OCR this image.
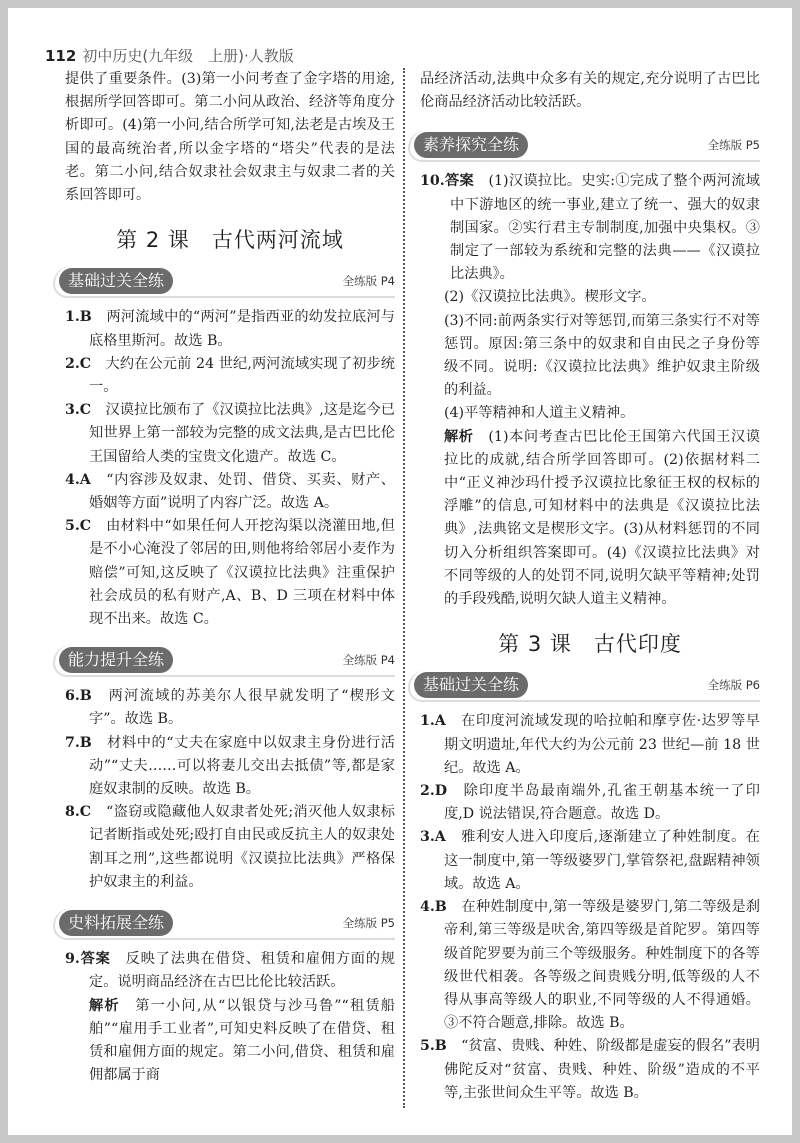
112 初中历史(九年级　上册)·人教版

提供了重要条件。(3)第一小问考查了金字塔的用途,根据所学回答即可。第二小问从政治、经济等角度分析即可。(4)第一小问,结合所学可知,法老是古埃及王国的最高统治者,所以金字塔的“塔尖”代表的是法老。第二小问,结合奴隶社会奴隶主与奴隶二者的关系回答即可。

第 2 课　古代两河流域
基础过关全练	全练版 P4

1.B　 两河流域中的“两河”是指西亚的幼发拉底河与底格里斯河。故选 B。

2.C　 大约在公元前 24 世纪,两河流域实现了初步统一。

3.C　 汉谟拉比颁布了《汉谟拉比法典》,这是迄今已知世界上第一部较为完整的成文法典,是古巴比伦王国留给人类的宝贵文化遗产。故选 C。

4.A　 “内容涉及奴隶、处罚、借贷、买卖、财产、婚姻等方面”说明了内容广泛。故选 A。

5.C　 由材料中“如果任何人开挖沟渠以浇灌田地,但是不小心淹没了邻居的田,则他将给邻居小麦作为赔偿”可知,这反映了《汉谟拉比法典》注重保护社会成员的私有财产,A、B、D 三项在材料中体现不出来。故选 C。

能力提升全练	全练版 P4

6.B　 两河流域的苏美尔人很早就发明了“楔形文字”。故选 B。

7.B　 材料中的“丈夫在家庭中以奴隶主身份进行活动”“丈夫……可以将妻儿交出去抵债”等,都是家庭奴隶制的反映。故选 B。

8.C　 “盗窃或隐藏他人奴隶者处死;消灭他人奴隶标记者断指或处死;殴打自由民或反抗主人的奴隶处割耳之刑”,这些都说明《汉谟拉比法典》严格保护奴隶主的利益。

史料拓展全练	全练版 P5

9.答案　 反映了法典在借贷、租赁和雇佣方面的规定。说明商品经济在古巴比伦比较活跃。

解析　 第一小问,从“以银贷与沙马鲁”“租赁船舶”“雇用手工业者”,可知史料反映了在借贷、租赁和雇佣方面的规定。第二小问,借贷、租赁和雇佣都属于商

品经济活动,法典中众多有关的规定,充分说明了古巴比伦商品经济活动比较活跃。

素养探究全练	全练版 P5

10.答案　 (1)汉谟拉比。史实:①完成了整个两河流域中下游地区的统一事业,建立了统一、强大的奴隶制国家。②实行君主专制制度,加强中央集权。③制定了一部较为系统和完整的法典——《汉谟拉比法典》。

(2)《汉谟拉比法典》。楔形文字。

(3)不同:前两条实行对等惩罚,而第三条实行不对等惩罚。原因:第三条中的奴隶和自由民之子身份等级不同。说明:《汉谟拉比法典》维护奴隶主阶级的利益。

(4)平等精神和人道主义精神。

解析　 (1)本问考查古巴比伦王国第六代国王汉谟拉比的成就,结合所学回答即可。(2)依据材料二中“正义神沙玛什授予汉谟拉比象征王权的权标的浮雕”的信息,可知材料中的法典是《汉谟拉比法典》,法典铭文是楔形文字。(3)从材料惩罚的不同切入分析组织答案即可。(4)《汉谟拉比法典》对不同等级的人的处罚不同,说明欠缺平等精神;处罚的手段残酷,说明欠缺人道主义精神。

第 3 课　古代印度
基础过关全练	全练版 P6

1.A　 在印度河流域发现的哈拉帕和摩亨佐·达罗等早期文明遗址,年代大约为公元前 23 世纪—前 18 世纪。故选 A。

2.D　 除印度半岛最南端外,孔雀王朝基本统一了印度,D 说法错误,符合题意。故选 D。

3.A　 雅利安人进入印度后,逐渐建立了种姓制度。在这一制度中,第一等级婆罗门,掌管祭祀,盘踞精神领域。故选 A。

4.B　 在种姓制度中,第一等级是婆罗门,第二等级是刹帝利,第三等级是吠舍,第四等级是首陀罗。第四等级首陀罗要为前三个等级服务。种姓制度下的各等级世代相袭。各等级之间贵贱分明,低等级的人不得从事高等级人的职业,不同等级的人不得通婚。③不符合题意,排除。故选 B。

5.B　 “贫富、贵贱、种姓、阶级都是虚妄的假名”表明佛陀反对“贫富、贵贱、种姓、阶级”造成的不平等,主张世间众生平等。故选 B。
